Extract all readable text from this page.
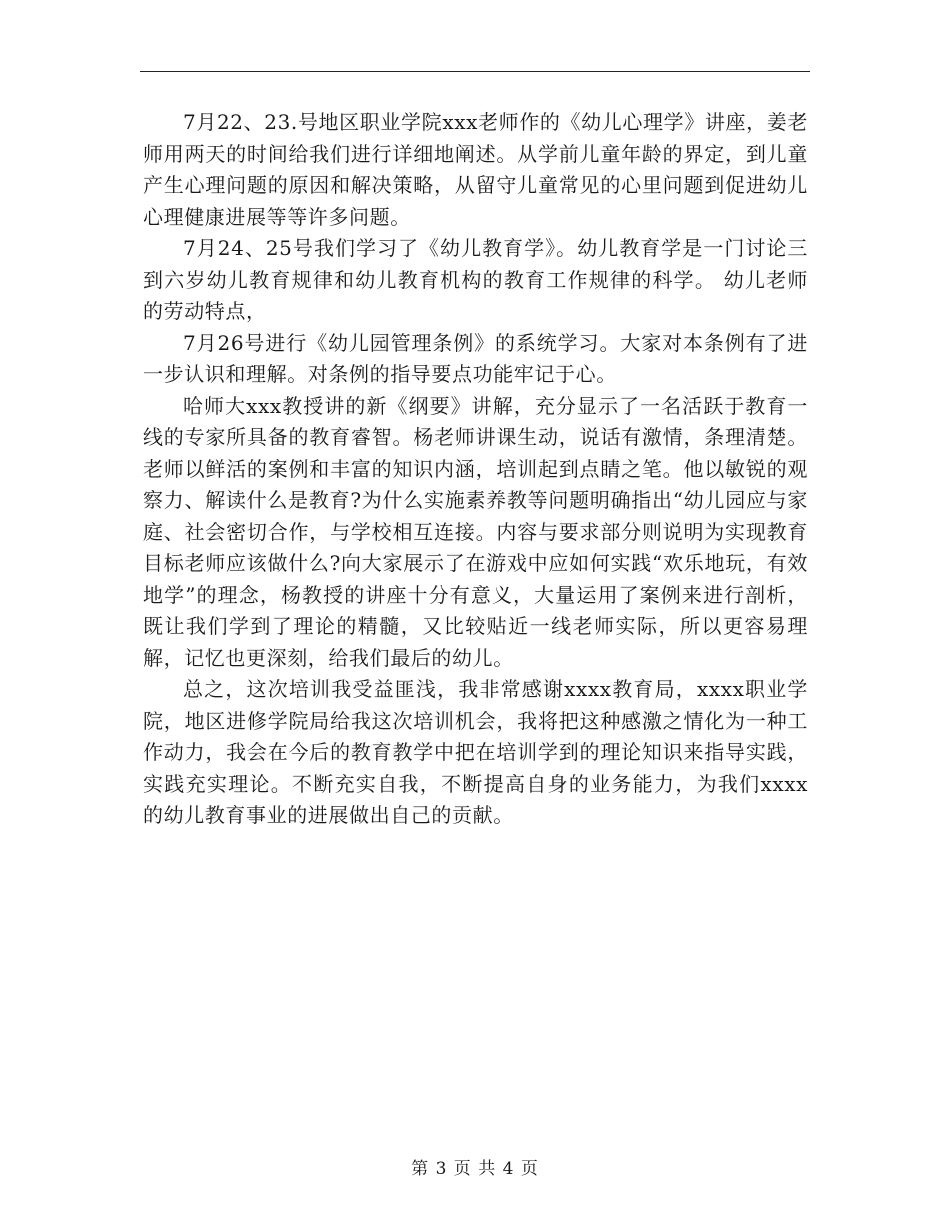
7月22、23.号地区职业学院xxx老师作的《幼儿心理学》讲座，姜老师用两天的时间给我们进行详细地阐述。从学前儿童年龄的界定，到儿童产生心理问题的原因和解决策略，从留守儿童常见的心里问题到促进幼儿心理健康进展等等许多问题。

7月24、25号我们学习了《幼儿教育学》。幼儿教育学是一门讨论三到六岁幼儿教育规律和幼儿教育机构的教育工作规律的科学。 幼儿老师的劳动特点，

7月26号进行《幼儿园管理条例》的系统学习。大家对本条例有了进一步认识和理解。对条例的指导要点功能牢记于心。

哈师大xxx教授讲的新《纲要》讲解，充分显示了一名活跃于教育一线的专家所具备的教育睿智。杨老师讲课生动，说话有激情，条理清楚。老师以鲜活的案例和丰富的知识内涵，培训起到点睛之笔。他以敏锐的观察力、解读什么是教育?为什么实施素养教等问题明确指出“幼儿园应与家庭、社会密切合作，与学校相互连接。内容与要求部分则说明为实现教育目标老师应该做什么?向大家展示了在游戏中应如何实践“欢乐地玩，有效地学”的理念，杨教授的讲座十分有意义，大量运用了案例来进行剖析，既让我们学到了理论的精髓，又比较贴近一线老师实际，所以更容易理解，记忆也更深刻，给我们最后的幼儿。

总之，这次培训我受益匪浅，我非常感谢xxxx教育局，xxxx职业学院，地区进修学院局给我这次培训机会，我将把这种感激之情化为一种工作动力，我会在今后的教育教学中把在培训学到的理论知识来指导实践，实践充实理论。不断充实自我，不断提高自身的业务能力，为我们xxxx的幼儿教育事业的进展做出自己的贡献。

第 3 页 共 4 页
